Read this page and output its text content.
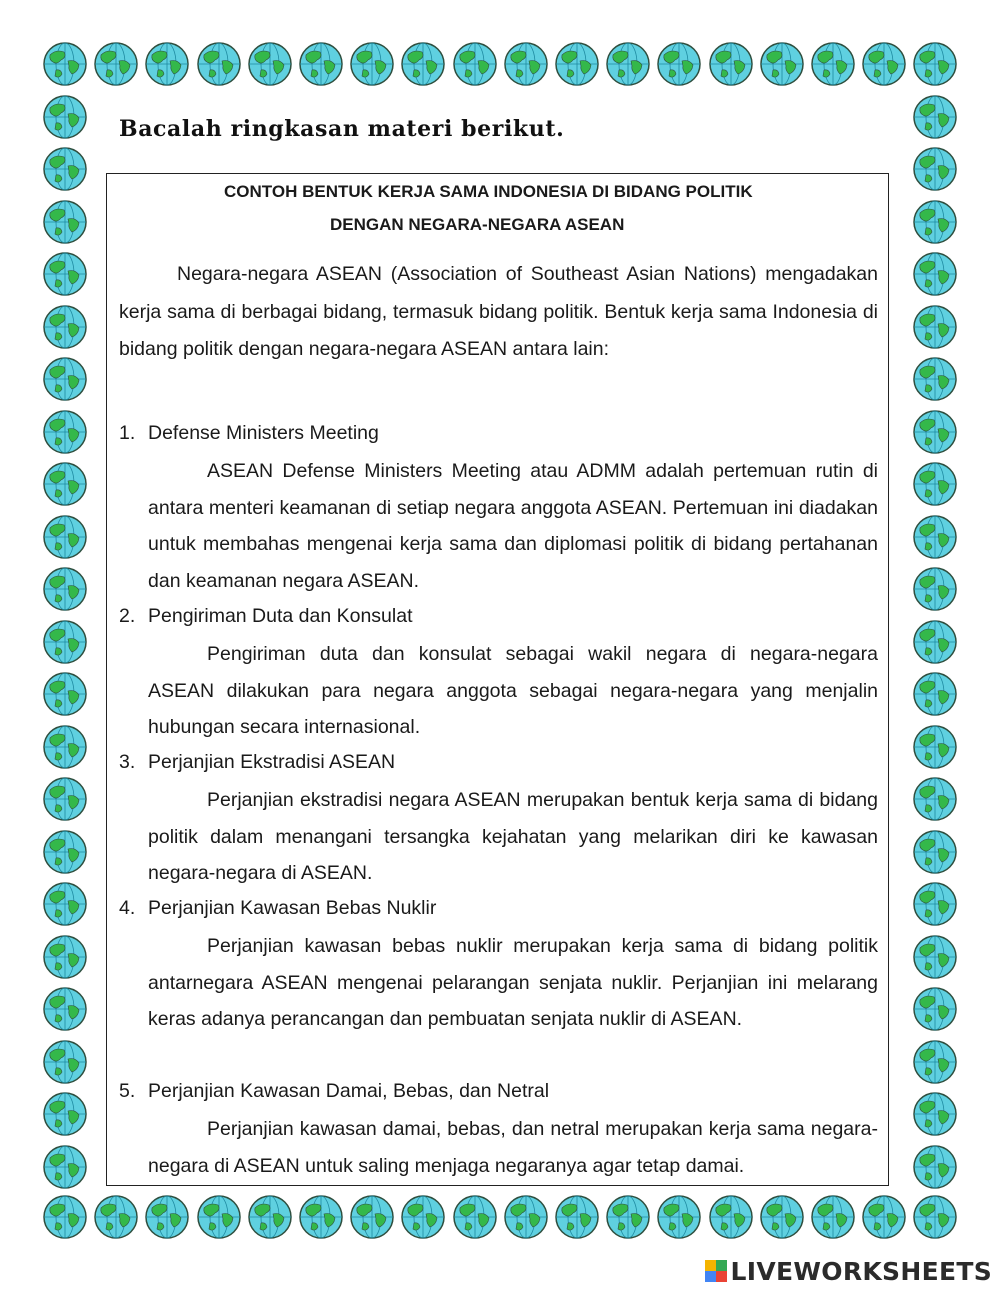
Bacalah ringkasan materi berikut.

CONTOH BENTUK KERJA SAMA INDONESIA DI BIDANG POLITIK

DENGAN NEGARA-NEGARA ASEAN

Negara-negara ASEAN (Association of Southeast Asian Nations) mengadakan kerja sama di berbagai bidang, termasuk bidang politik. Bentuk kerja sama Indonesia di bidang politik dengan negara-negara ASEAN antara lain:

1. Defense Ministers Meeting

ASEAN Defense Ministers Meeting atau ADMM adalah pertemuan rutin di antara menteri keamanan di setiap negara anggota ASEAN. Pertemuan ini diadakan untuk membahas mengenai kerja sama dan diplomasi politik di bidang pertahanan dan keamanan negara ASEAN.

2. Pengiriman Duta dan Konsulat

Pengiriman duta dan konsulat sebagai wakil negara di negara-negara ASEAN dilakukan para negara anggota sebagai negara-negara yang menjalin hubungan secara internasional.

3. Perjanjian Ekstradisi ASEAN

Perjanjian ekstradisi negara ASEAN merupakan bentuk kerja sama di bidang politik dalam menangani tersangka kejahatan yang melarikan diri ke kawasan negara-negara di ASEAN.

4. Perjanjian Kawasan Bebas Nuklir

Perjanjian kawasan bebas nuklir merupakan kerja sama di bidang politik antarnegara ASEAN mengenai pelarangan senjata nuklir. Perjanjian ini melarang keras adanya perancangan dan pembuatan senjata nuklir di ASEAN.

5. Perjanjian Kawasan Damai, Bebas, dan Netral

Perjanjian kawasan damai, bebas, dan netral merupakan kerja sama negara-negara di ASEAN untuk saling menjaga negaranya agar tetap damai.

LIVEWORKSHEETS
